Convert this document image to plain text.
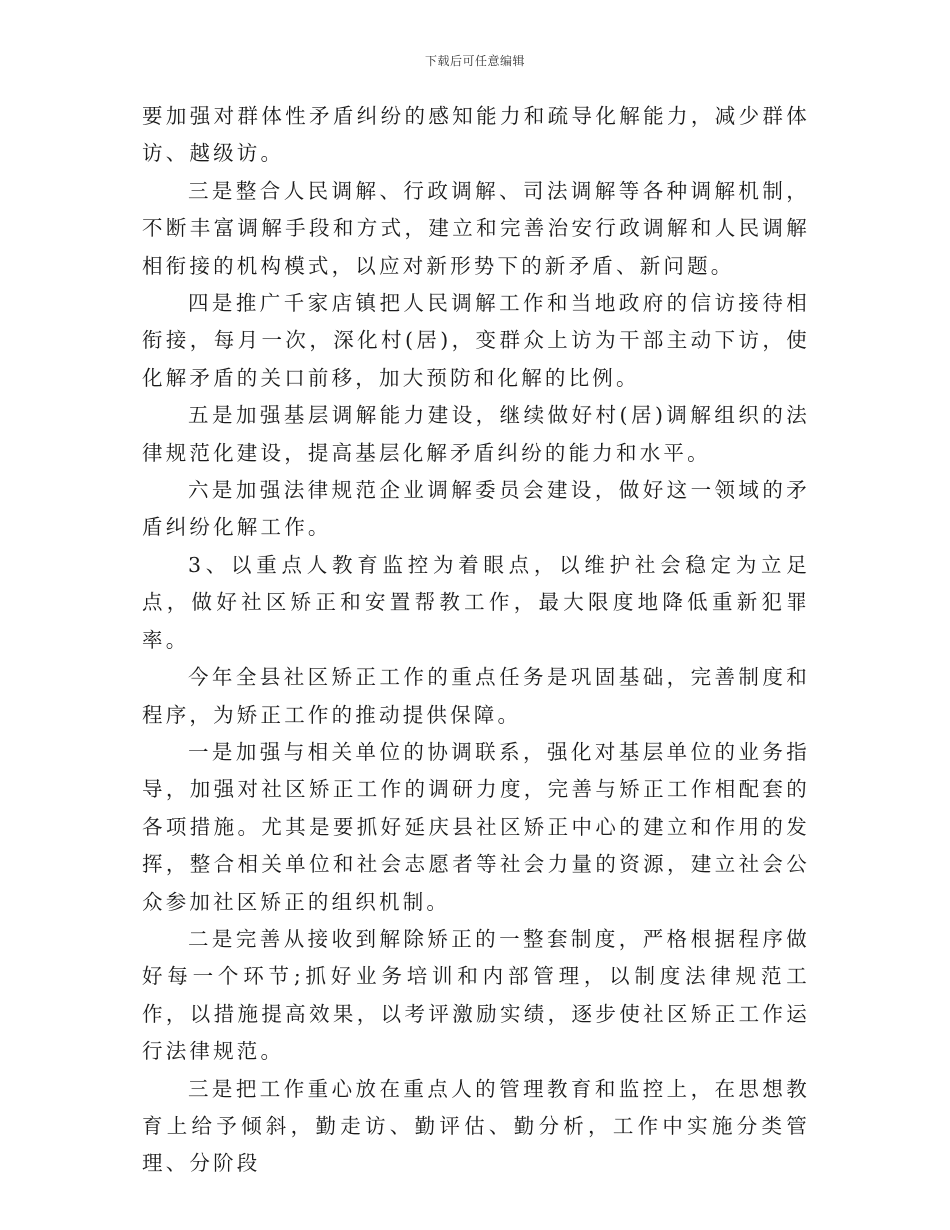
下载后可任意编辑

要加强对群体性矛盾纠纷的感知能力和疏导化解能力，减少群体访、越级访。

三是整合人民调解、行政调解、司法调解等各种调解机制，不断丰富调解手段和方式，建立和完善治安行政调解和人民调解相衔接的机构模式，以应对新形势下的新矛盾、新问题。

四是推广千家店镇把人民调解工作和当地政府的信访接待相衔接，每月一次，深化村(居)，变群众上访为干部主动下访，使化解矛盾的关口前移，加大预防和化解的比例。

五是加强基层调解能力建设，继续做好村(居)调解组织的法律规范化建设，提高基层化解矛盾纠纷的能力和水平。

六是加强法律规范企业调解委员会建设，做好这一领域的矛盾纠纷化解工作。

3、以重点人教育监控为着眼点，以维护社会稳定为立足点，做好社区矫正和安置帮教工作，最大限度地降低重新犯罪率。

今年全县社区矫正工作的重点任务是巩固基础，完善制度和程序，为矫正工作的推动提供保障。

一是加强与相关单位的协调联系，强化对基层单位的业务指导，加强对社区矫正工作的调研力度，完善与矫正工作相配套的各项措施。尤其是要抓好延庆县社区矫正中心的建立和作用的发挥，整合相关单位和社会志愿者等社会力量的资源，建立社会公众参加社区矫正的组织机制。

二是完善从接收到解除矫正的一整套制度，严格根据程序做好每一个环节;抓好业务培训和内部管理，以制度法律规范工作，以措施提高效果，以考评激励实绩，逐步使社区矫正工作运行法律规范。

三是把工作重心放在重点人的管理教育和监控上，在思想教育上给予倾斜，勤走访、勤评估、勤分析，工作中实施分类管理、分阶段
